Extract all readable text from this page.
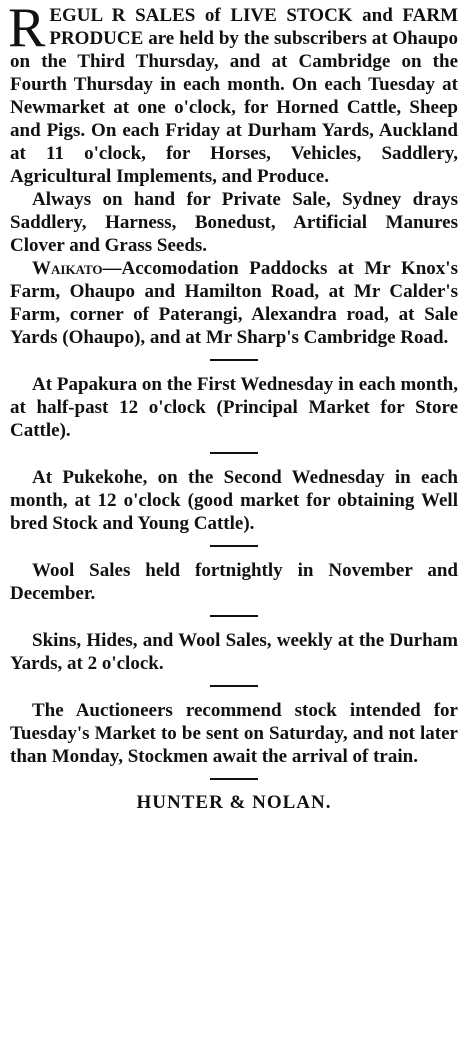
R EGUL R SALES of LIVE STOCK and FARM PRODUCE are held by the subscribers at Ohaupo on the Third Thursday, and at Cambridge on the Fourth Thursday in each month. On each Tuesday at Newmarket at one o'clock, for Horned Cattle, Sheep and Pigs. On each Friday at Durham Yards, Auckland at 11 o'clock, for Horses, Vehicles, Saddlery, Agricultural Implements, and Produce.

Always on hand for Private Sale, Sydney drays Saddlery, Harness, Bonedust, Artificial Manures Clover and Grass Seeds.

Waikato—Accomodation Paddocks at Mr Knox's Farm, Ohaupo and Hamilton Road, at Mr Calder's Farm, corner of Paterangi, Alexandra road, at Sale Yards (Ohaupo), and at Mr Sharp's Cambridge Road.

At Papakura on the First Wednesday in each month, at half-past 12 o'clock (Principal Market for Store Cattle).

At Pukekohe, on the Second Wednesday in each month, at 12 o'clock (good market for obtaining Well bred Stock and Young Cattle).

Wool Sales held fortnightly in November and December.

Skins, Hides, and Wool Sales, weekly at the Durham Yards, at 2 o'clock.

The Auctioneers recommend stock intended for Tuesday's Market to be sent on Saturday, and not later than Monday, Stockmen await the arrival of train.

HUNTER & NOLAN.
